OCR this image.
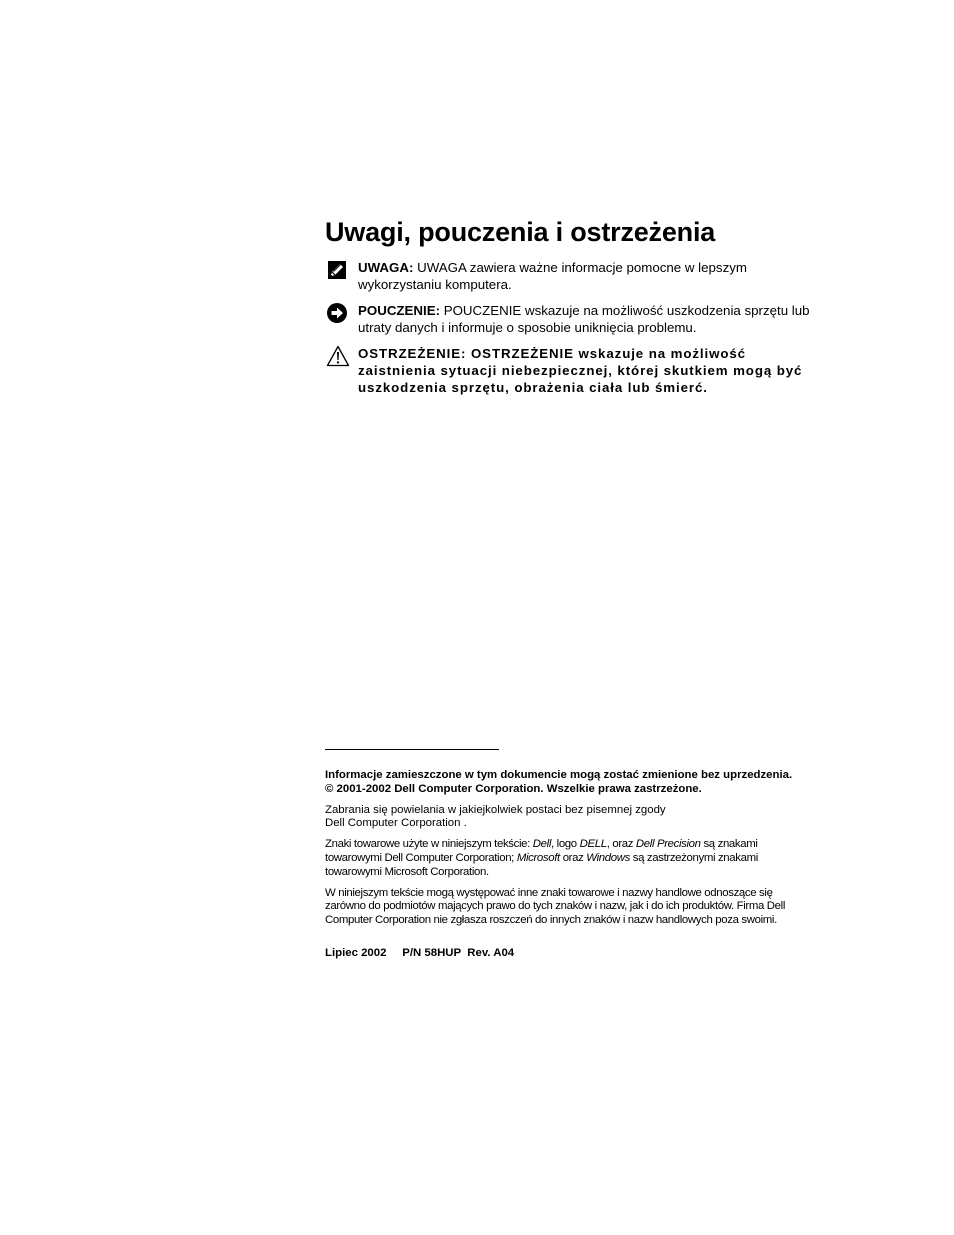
Uwagi, pouczenia i ostrzeżenia
UWAGA: UWAGA zawiera ważne informacje pomocne w lepszym wykorzystaniu komputera.
POUCZENIE: POUCZENIE wskazuje na możliwość uszkodzenia sprzętu lub utraty danych i informuje o sposobie uniknięcia problemu.
OSTRZEŻENIE: OSTRZEŻENIE wskazuje na możliwość zaistnienia sytuacji niebezpiecznej, której skutkiem mogą być uszkodzenia sprzętu, obrażenia ciała lub śmierć.

Informacje zamieszczone w tym dokumencie mogą zostać zmienione bez uprzedzenia.
© 2001-2002 Dell Computer Corporation. Wszelkie prawa zastrzeżone.

Zabrania się powielania w jakiejkolwiek postaci bez pisemnej zgody
Dell Computer Corporation .

Znaki towarowe użyte w niniejszym tekście: Dell, logo DELL, oraz Dell Precision są znakami towarowymi Dell Computer Corporation; Microsoft oraz Windows są zastrzeżonymi znakami towarowymi Microsoft Corporation.

W niniejszym tekście mogą występować inne znaki towarowe i nazwy handlowe odnoszące się zarówno do podmiotów mających prawo do tych znaków i nazw, jak i do ich produktów. Firma Dell Computer Corporation nie zgłasza roszczeń do innych znaków i nazw handlowych poza swoimi.

Lipiec 2002 P/N 58HUP Rev. A04
